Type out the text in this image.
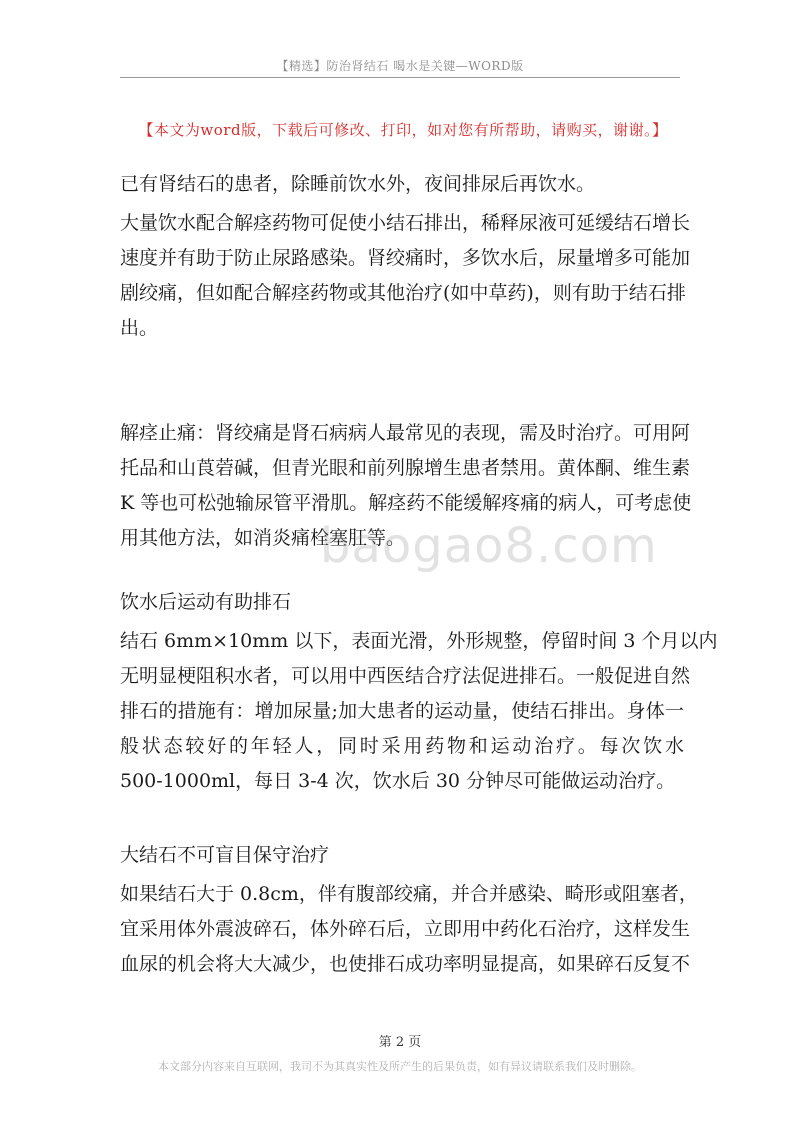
【精选】防治肾结石 喝水是关键—WORD版
【本文为word版，下载后可修改、打印，如对您有所帮助，请购买，谢谢。】
已有肾结石的患者，除睡前饮水外，夜间排尿后再饮水。
大量饮水配合解痉药物可促使小结石排出，稀释尿液可延缓结石增长
速度并有助于防止尿路感染。肾绞痛时，多饮水后，尿量增多可能加
剧绞痛，但如配合解痉药物或其他治疗(如中草药)，则有助于结石排
出。
解痉止痛：肾绞痛是肾石病病人最常见的表现，需及时治疗。可用阿
托品和山莨菪碱，但青光眼和前列腺增生患者禁用。黄体酮、维生素
K 等也可松弛输尿管平滑肌。解痉药不能缓解疼痛的病人，可考虑使
用其他方法，如消炎痛栓塞肛等。
baogao8.com
饮水后运动有助排石
结石 6mm×10mm 以下，表面光滑，外形规整，停留时间 3 个月以内
无明显梗阻积水者，可以用中西医结合疗法促进排石。一般促进自然
排石的措施有：增加尿量;加大患者的运动量，使结石排出。身体一
般状态较好的年轻人，同时采用药物和运动治疗。每次饮水
500-1000ml，每日 3-4 次，饮水后 30 分钟尽可能做运动治疗。
大结石不可盲目保守治疗
如果结石大于 0.8cm，伴有腹部绞痛，并合并感染、畸形或阻塞者，
宜采用体外震波碎石，体外碎石后，立即用中药化石治疗，这样发生
血尿的机会将大大减少，也使排石成功率明显提高，如果碎石反复不
第 2 页
本文部分内容来自互联网，我司不为其真实性及所产生的后果负责，如有异议请联系我们及时删除。
